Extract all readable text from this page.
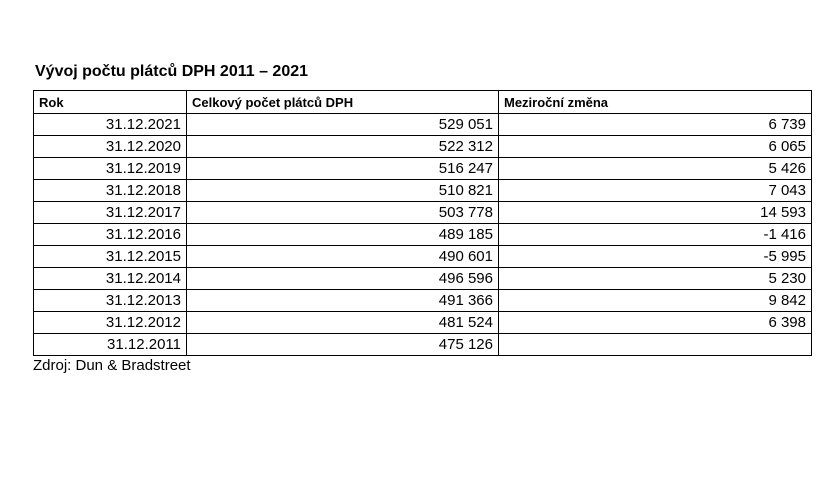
Vývoj počtu plátců DPH 2011 – 2021
Rok	Celkový počet plátců DPH	Meziroční změna
31.12.2021	529 051	6 739
31.12.2020	522 312	6 065
31.12.2019	516 247	5 426
31.12.2018	510 821	7 043
31.12.2017	503 778	14 593
31.12.2016	489 185	-1 416
31.12.2015	490 601	-5 995
31.12.2014	496 596	5 230
31.12.2013	491 366	9 842
31.12.2012	481 524	6 398
31.12.2011	475 126	
Zdroj: Dun & Bradstreet
